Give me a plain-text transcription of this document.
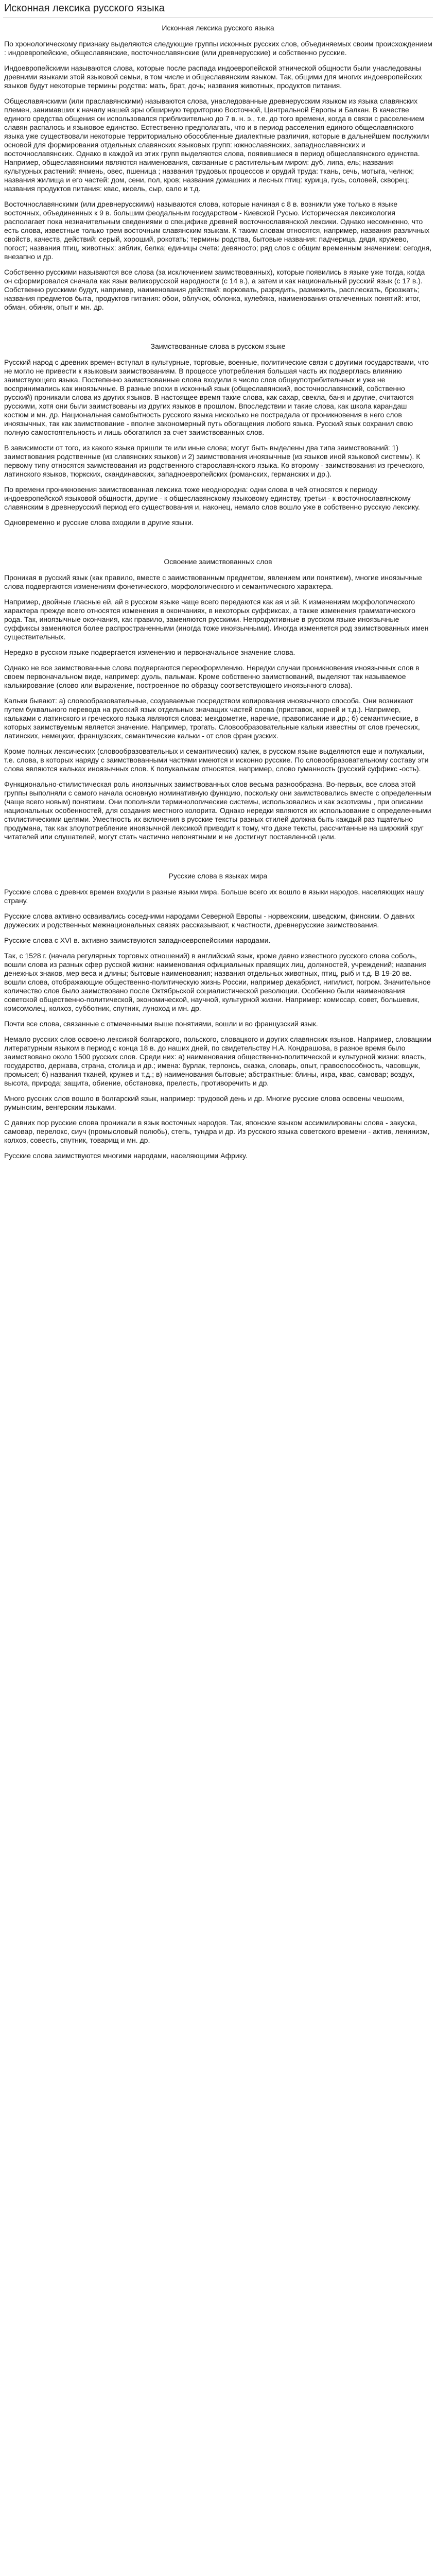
Исконная лексика русского языка
Исконная лексика русского языка

По хронологическому признаку выделяются следующие группы исконных русских слов, объединяемых своим происхождением : индоевропейские, общеславянские, восточнославянские (или древнерусские) и собственно русские.

Индоевропейскими называются слова, которые после распада индоевропейской этнической общности были унаследованы древними языками этой языковой семьи, в том числе и общеславянским языком. Так, общими для многих индоевропейских языков будут некоторые термины родства: мать, брат, дочь; названия животных, продуктов питания.

Общеславянскими (или праславянскими) называются слова, унаследованные древнерусским языком из языка славянских племен, занимавших к началу нашей эры обширную территорию Восточной, Центральной Европы и Балкан. В качестве единого средства общения он использовался приблизительно до 7 в. н. э., т.е. до того времени, когда в связи с расселением славян распалось и языковое единство. Естественно предполагать, что и в период расселения единого общеславянского языка уже существовали некоторые территориально обособленные диалектные различия, которые в дальнейшем послужили основой для формирования отдельных славянских языковых групп: южнославянских, западнославянских и восточнославянских. Однако в каждой из этих групп выделяются слова, появившиеся в период общеславянского единства. Например, общеславянскими являются наименования, связанные с растительным миром: дуб, липа, ель; названия культурных растений: ячмень, овес, пшеница ; названия трудовых процессов и орудий труда: ткань, сечь, мотыга, челнок; названия жилища и его частей: дом, сени, пол, кров; названия домашних и лесных птиц: курица, гусь, соловей, скворец; названия продуктов питания: квас, кисель, сыр, сало и т.д.

Восточнославянскими (или древнерусскими) называются слова, которые начиная с 8 в. возникли уже только в языке восточных, объединенных к 9 в. большим феодальным государством - Киевской Русью. Историческая лексикология располагает пока незначительным сведениями о специфике древней восточнославянской лексики. Однако несомненно, что есть слова, известные только трем восточным славянским языкам. К таким словам относятся, например, названия различных свойств, качеств, действий: серый, хороший, рокотать; термины родства, бытовые названия: падчерица, дядя, кружево, погост; названия птиц, животных: зяблик, белка; единицы счета: девяносто; ряд слов с общим временным значением: сегодня, внезапно и др.

Собственно русскими называются все слова (за исключением заимствованных), которые появились в языке уже тогда, когда он сформировался сначала как язык великорусской народности (с 14 в.), а затем и как национальный русский язык (с 17 в.). Собственно русскими будут, например, наименования действий: ворковать, разрядить, размежить, расплескать, брюзжать; названия предметов быта, продуктов питания: обои, облучок, облонка, кулебяка, наименования отвлеченных понятий: итог, обман, обиняк, опыт и мн. др.

Заимствованные слова в русском языке

Русский народ с древних времен вступал в культурные, торговые, военные, политические связи с другими государствами, что не могло не привести к языковым заимствованиям. В процессе употребления большая часть их подверглась влиянию заимствующего языка. Постепенно заимствованные слова входили в число слов общеупотребительных и уже не воспринимались как иноязычные. В разные эпохи в исконный язык (общеславянский, восточнославянский, собственно русский) проникали слова из других языков. В настоящее время такие слова, как сахар, свекла, баня и другие, считаются русскими, хотя они были заимствованы из других языков в прошлом. Впоследствии и такие слова, как школа карандаш костюм и мн. др. Национальная самобытность русского языка нисколько не пострадала от проникновения в него слов иноязычных, так как заимствование - вполне закономерный путь обогащения любого языка. Русский язык сохранил свою полную самостоятельность и лишь обогатился за счет заимствованных слов.

В зависимости от того, из какого языка пришли те или иные слова; могут быть выделены два типа заимствований: 1) заимствования родственные (из славянских языков) и 2) заимствования иноязычные (из языков иной языковой системы). К первому типу относятся заимствования из родственного старославянского языка. Ко второму - заимствования из греческого, латинского языков, тюркских, скандинавских, западноевропейских (романских, германских и др.).

По времени проникновения заимствованная лексика тоже неоднородна: одни слова в чей относятся к периоду индоевропейской языковой общности, другие - к общеславянскому языковому единству, третьи - к восточнославянскому славянским в древнерусский период его существования и, наконец, немало слов вошло уже в собственно русскую лексику.

Одновременно и русские слова входили в другие языки.

Освоение заимствованных слов

Проникая в русский язык (как правило, вместе с заимствованным предметом, явлением или понятием), многие иноязычные слова подвергаются изменениям фонетического, морфологического и семантического характера.

Например, двойные гласные ей, ай в русском языке чаще всего передаются как ая и эй. К изменениям морфологического характера прежде всего относятся изменения в окончаниях, в некоторых суффиксах, а также изменения грамматического рода. Так, иноязычные окончания, как правило, заменяются русскими. Непродуктивные в русском языке иноязычные суффиксы заменяются более распространенными (иногда тоже иноязычными). Иногда изменяется род заимствованных имен существительных.

Нередко в русском языке подвергается изменению и первоначальное значение слова.

Однако не все заимствованные слова подвергаются переоформлению. Нередки случаи проникновения иноязычных слов в своем первоначальном виде, например: дуэль, пальмаж. Кроме собственно заимствований, выделяют так называемое калькирование (слово или выражение, построенное по образцу соответствующего иноязычного слова).

Кальки бывают: а) словообразовательные, создаваемые посредством копирования иноязычного способа. Они возникают путем буквального перевода на русский язык отдельных значащих частей слова (приставок, корней и т.д.). Например, кальками с латинского и греческого языка являются слова: междометие, наречие, правописание и др.; б) семантические, в которых заимствуемым является значение. Например, трогать. Словообразовательные кальки известны от слов греческих, латинских, немецких, французских, семантические кальки - от слов французских.

Кроме полных лексических (словообразовательных и семантических) калек, в русском языке выделяются еще и полукальки, т.е. слова, в которых наряду с заимствованными частями имеются и исконно русские. По словообразовательному составу эти слова являются кальках иноязычных слов. К полукалькам относятся, например, слово гуманность (русский суффикс -ость).

Функционально-стилистическая роль иноязычных заимствованных слов весьма разнообразна. Во-первых, все слова этой группы выполняли с самого начала основную номинативную функцию, поскольку они заимствовались вместе с определенным (чаще всего новым) понятием. Они пополняли терминологические системы, использовались и как экзотизмы , при описании национальных особенностей, для создания местного колорита. Однако нередки являются их использование с определенными стилистическими целями. Уместность их включения в русские тексты разных стилей должна быть каждый раз тщательно продумана, так как злоупотребление иноязычной лексикой приводит к тому, что даже тексты, рассчитанные на широкий круг читателей или слушателей, могут стать частично непонятными и не достигнут поставленной цели.

Русские слова в языках мира

Русские слова с древних времен входили в разные языки мира. Больше всего их вошло в языки народов, населяющих нашу страну.

Русские слова активно осваивались соседними народами Северной Европы - норвежским, шведским, финским. О давних дружеских и родственных межнациональных связях рассказывают, к частности, древнерусские заимствования.

Русские слова с XVI в. активно заимствуются западноевропейскими народами.

Так, с 1528 г. (начала регулярных торговых отношений) в английский язык, кроме давно известного русского слова соболь, вошли слова из разных сфер русской жизни: наименования официальных правящих лиц, должностей, учреждений; названия денежных знаков, мер веса и длины; бытовые наименования; названия отдельных животных, птиц, рыб и т.д. В 19-20 вв. вошли слова, отображающие общественно-политическую жизнь России, например декабрист, нигилист, погром. Значительное количество слов было заимствовано после Октябрьской социалистической революции. Особенно были наименования советской общественно-политической, экономической, научной, культурной жизни. Например: комиссар, совет, большевик, комсомолец, колхоз, субботник, спутник, луноход и мн. др.

Почти все слова, связанные с отмеченными выше понятиями, вошли и во французский язык.

Немало русских слов освоено лексикой болгарского, польского, словацкого и других славянских языков. Например, словацким литературным языком в период с конца 18 в. до наших дней, по свидетельству Н.А. Кондрашова, в разное время было заимствовано около 1500 русских слов. Среди них: а) наименования общественно-политической и культурной жизни: власть, государство, держава, страна, столица и др.; имена: бурлак, терпонсь, сказка, словарь, опыт, правоспособность, часовщик, промысел; б) названия тканей, кружев и т.д.; в) наименования бытовые; абстрактные: блины, икра, квас, самовар; воздух, высота, природа; защита, обиение, обстановка, прелесть, противоречить и др.

Много русских слов вошло в болгарский язык, например: трудовой день и др. Многие русские слова освоены чешским, румынским, венгерским языками.

С давних пор русские слова проникали в язык восточных народов. Так, японские языком ассимилированы слова - закуска, самовар, перелокс, сиуч (промысловый полюбь), степь, тундра и др. Из русского языка советского времени - актив, ленинизм, колхоз, совесть, спутник, товарищ и мн. др.

Русские слова заимствуются многими народами, населяющими Африку.
